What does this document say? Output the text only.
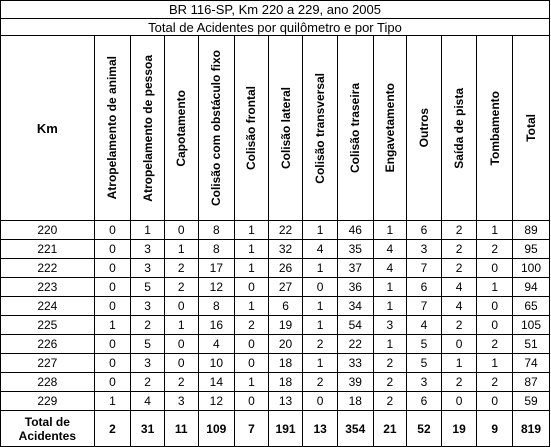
BR 116-SP, Km 220 a 229, ano 2005													
Total de Acidentes por quilômetro e por Tipo													
Km	Atropelamento de animal	Atropelamento de pessoa	Capotamento	Colisão com obstáculo fixo	Colisão frontal	Colisão lateral	Colisão transversal	Colisão traseira	Engavetamento	Outros	Saída de pista	Tombamento	Total

220	0	1	0	8	1	22	1	46	1	6	2	1	89
221	0	3	1	8	1	32	4	35	4	3	2	2	95
222	0	3	2	17	1	26	1	37	4	7	2	0	100
223	0	5	2	12	0	27	0	36	1	6	4	1	94
224	0	3	0	8	1	6	1	34	1	7	4	0	65
225	1	2	1	16	2	19	1	54	3	4	2	0	105
226	0	5	0	4	0	20	2	22	1	5	0	2	51
227	0	3	0	10	0	18	1	33	2	5	1	1	74
228	0	2	2	14	1	18	2	39	2	3	2	2	87
229	1	4	3	12	0	13	0	18	2	6	0	0	59
Total de
Acidentes	2	31	11	109	7	191	13	354	21	52	19	9	819
